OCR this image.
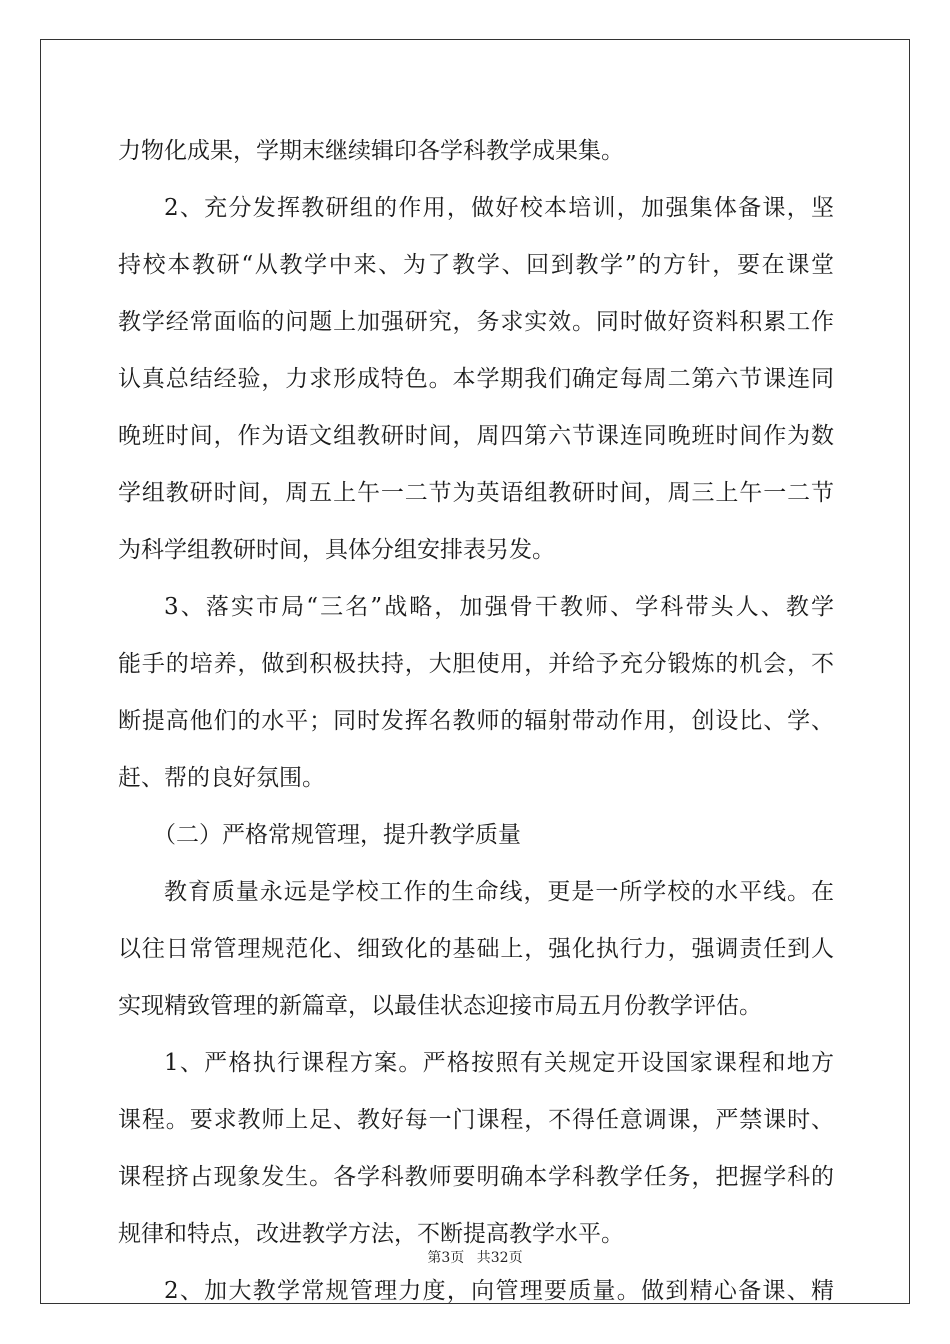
力物化成果，学期末继续辑印各学科教学成果集。
2、充分发挥教研组的作用，做好校本培训，加强集体备课，坚
持校本教研“从教学中来、为了教学、回到教学”的方针，要在课堂
教学经常面临的问题上加强研究，务求实效。同时做好资料积累工作
认真总结经验，力求形成特色。本学期我们确定每周二第六节课连同
晚班时间，作为语文组教研时间，周四第六节课连同晚班时间作为数
学组教研时间，周五上午一二节为英语组教研时间，周三上午一二节
为科学组教研时间，具体分组安排表另发。
3、落实市局“三名”战略，加强骨干教师、学科带头人、教学
能手的培养，做到积极扶持，大胆使用，并给予充分锻炼的机会，不
断提高他们的水平；同时发挥名教师的辐射带动作用，创设比、学、
赶、帮的良好氛围。
（二）严格常规管理，提升教学质量
教育质量永远是学校工作的生命线，更是一所学校的水平线。在
以往日常管理规范化、细致化的基础上，强化执行力，强调责任到人
实现精致管理的新篇章，以最佳状态迎接市局五月份教学评估。
1、严格执行课程方案。严格按照有关规定开设国家课程和地方
课程。要求教师上足、教好每一门课程，不得任意调课，严禁课时、
课程挤占现象发生。各学科教师要明确本学科教学任务，把握学科的
规律和特点，改进教学方法，不断提高教学水平。
2、加大教学常规管理力度，向管理要质量。做到精心备课、精
第3页 共32页
